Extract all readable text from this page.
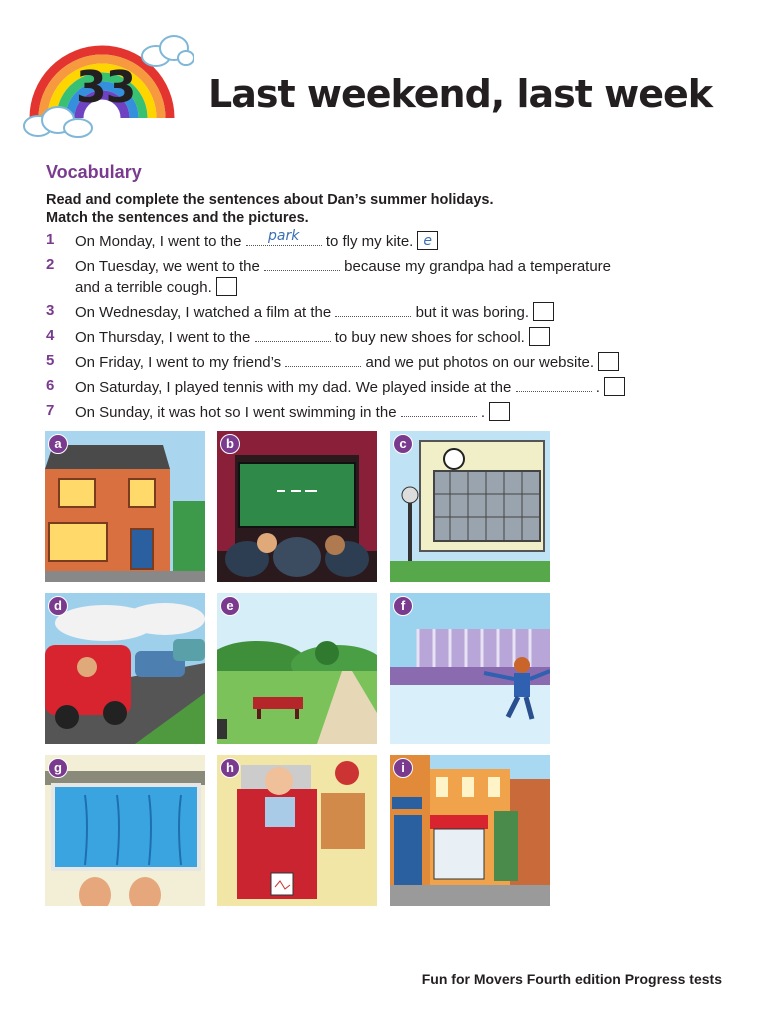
33 Last weekend, last week
Vocabulary
Read and complete the sentences about Dan’s summer holidays.
Match the sentences and the pictures.
1 On Monday, I went to the	park	to fly my kite. e
2 On Tuesday, we went to the	because my grandpa had a temperature
and a terrible cough.
3 On Wednesday, I watched a film at the	but it was boring.
4 On Thursday, I went to the	to buy new shoes for school.
5 On Friday, I went to my friend’s	and we put photos on our website.
6 On Saturday, I played tennis with my dad. We played inside at the	.
7 On Sunday, it was hot so I went swimming in the	.
a	b	c
d	e	f
g	h	i
Fun for Movers Fourth edition Progress tests
